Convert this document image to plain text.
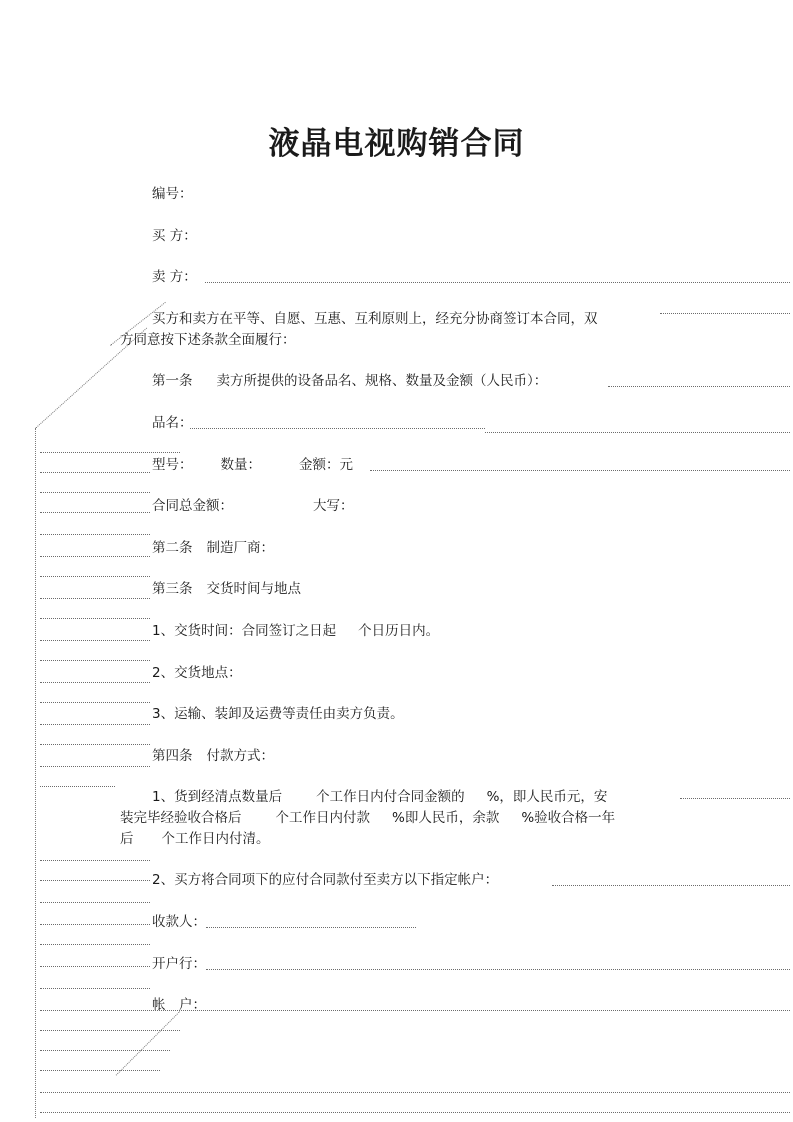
液晶电视购销合同
编号：
买 方：
卖 方：
买方和卖方在平等、自愿、互惠、互利原则上，经充分协商签订本合同，双
方同意按下述条款全面履行：
第一条 卖方所提供的设备品名、规格、数量及金额（人民币）：
品名：
型号： 数量：	金额：元
合同总金额：	大写：
第二条 制造厂商：
第三条 交货时间与地点
1、交货时间：合同签订之日起 个日历日内。
2、交货地点：
3、运输、装卸及运费等责任由卖方负责。
第四条 付款方式：
1、货到经清点数量后	个工作日内付合同金额的 %，即人民币元，安
装完毕经验收合格后	个工作日内付款 %即人民币，余款 %验收合格一年
后 个工作日内付清。
2、买方将合同项下的应付合同款付至卖方以下指定帐户：
收款人：
开户行：
帐　户：
